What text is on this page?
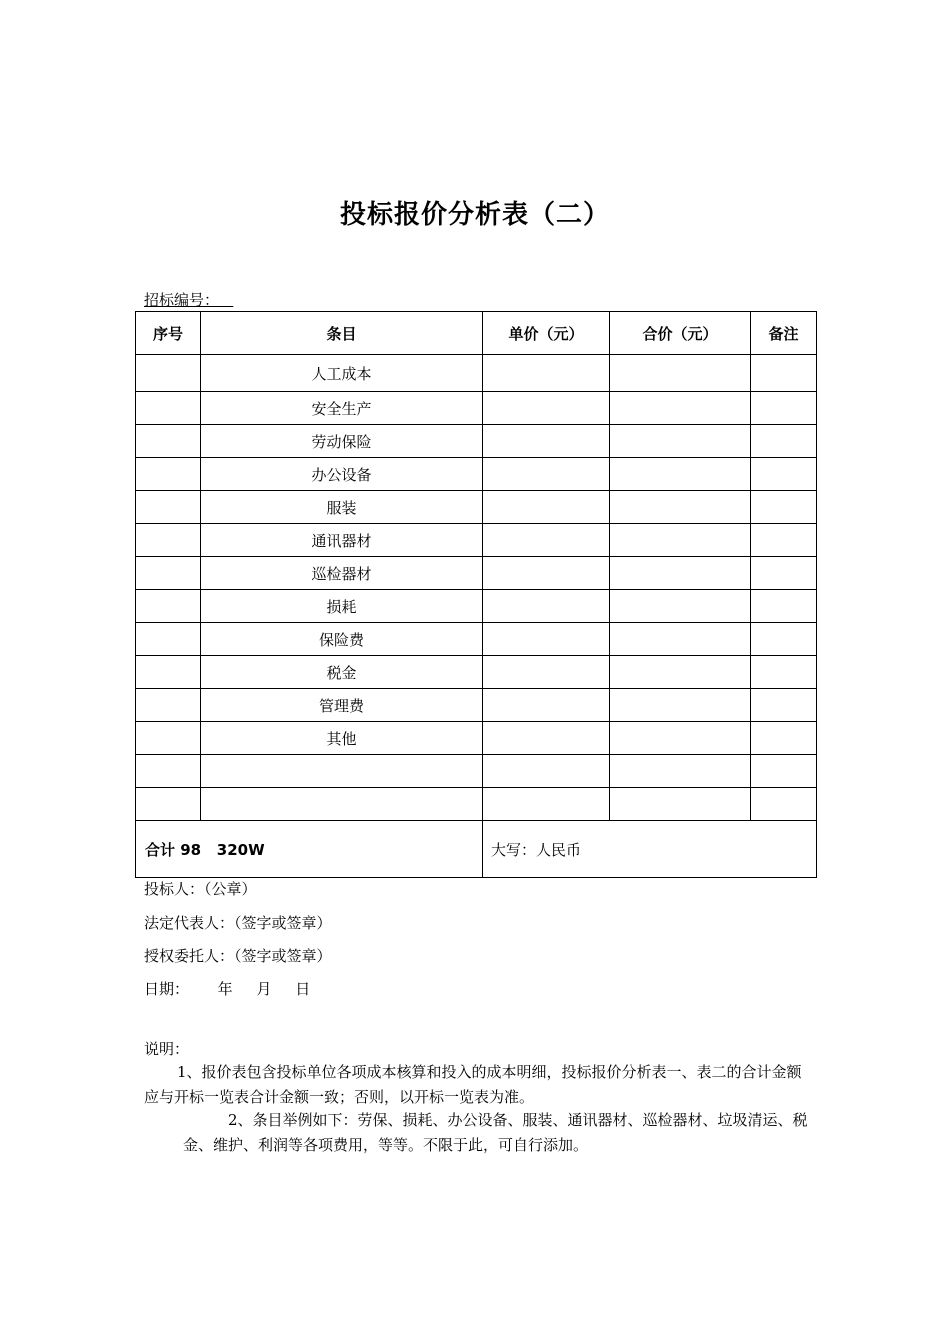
投标报价分析表（二）
招标编号：
序号	条目	单价（元）	合价（元）	备注
	人工成本			
	安全生产			
	劳动保险			
	办公设备			
	服装			
	通讯器材			
	巡检器材			
	损耗			
	保险费			
	税金			
	管理费			
	其他			

合计 98   320W		大写：人民币		
投标人：（公章）
法定代表人：（签字或签章）
授权委托人：（签字或签章）
日期：      年     月     日
说明：
1、报价表包含投标单位各项成本核算和投入的成本明细，投标报价分析表一、表二的合计金额应与开标一览表合计金额一致；否则，以开标一览表为准。
2、条目举例如下：劳保、损耗、办公设备、服装、通讯器材、巡检器材、垃圾清运、税金、维护、利润等各项费用，等等。不限于此，可自行添加。
